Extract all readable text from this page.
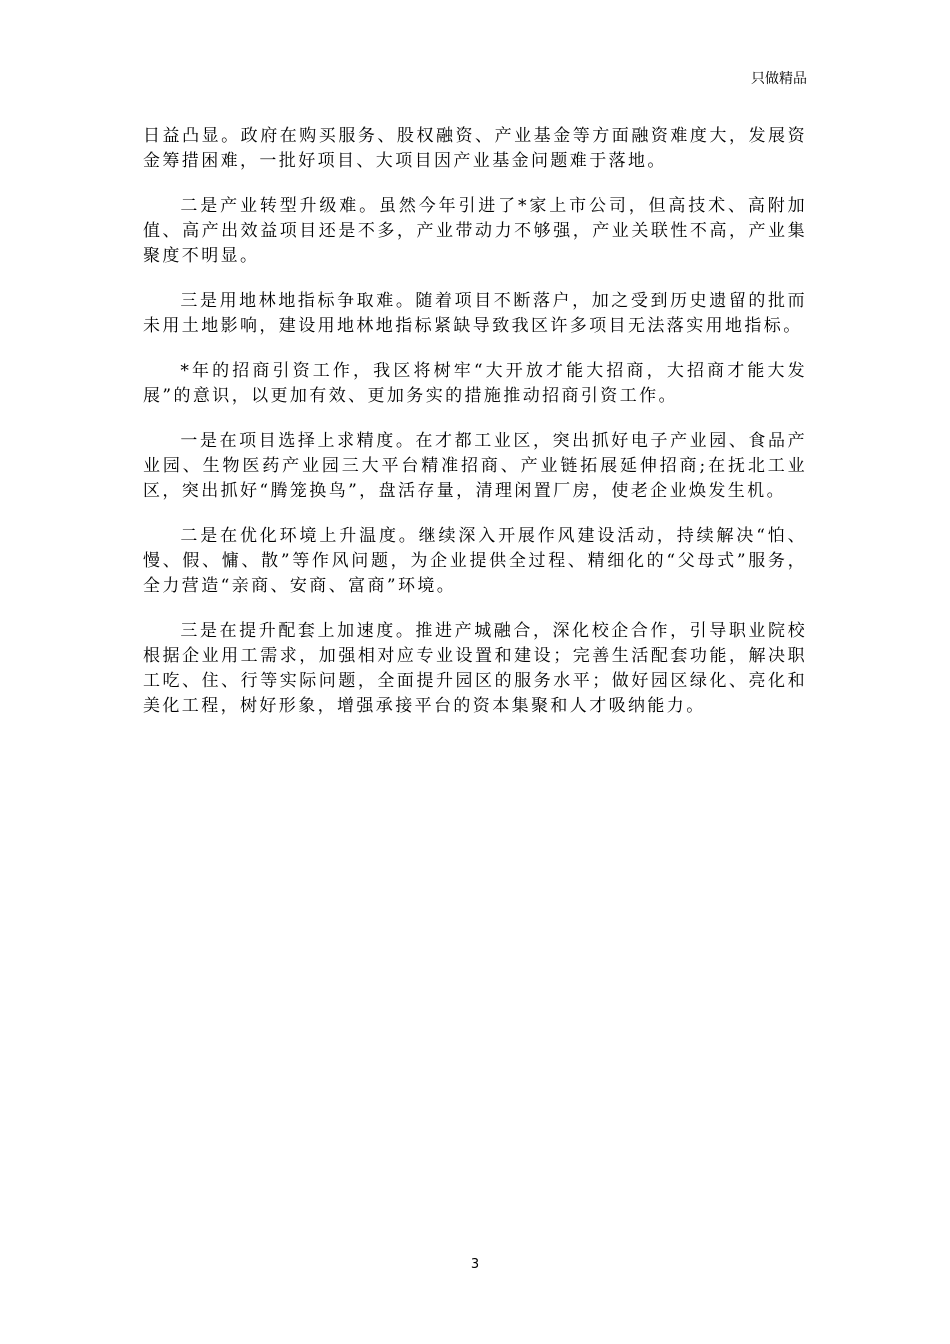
只做精品

日益凸显。政府在购买服务、股权融资、产业基金等方面融资难度大，发展资金筹措困难，一批好项目、大项目因产业基金问题难于落地。

二是产业转型升级难。虽然今年引进了*家上市公司，但高技术、高附加值、高产出效益项目还是不多，产业带动力不够强，产业关联性不高，产业集聚度不明显。

三是用地林地指标争取难。随着项目不断落户，加之受到历史遗留的批而未用土地影响，建设用地林地指标紧缺导致我区许多项目无法落实用地指标。

*年的招商引资工作，我区将树牢“大开放才能大招商，大招商才能大发展”的意识，以更加有效、更加务实的措施推动招商引资工作。

一是在项目选择上求精度。在才都工业区，突出抓好电子产业园、食品产业园、生物医药产业园三大平台精准招商、产业链拓展延伸招商;在抚北工业区，突出抓好“腾笼换鸟”，盘活存量，清理闲置厂房，使老企业焕发生机。

二是在优化环境上升温度。继续深入开展作风建设活动，持续解决“怕、慢、假、慵、散”等作风问题，为企业提供全过程、精细化的“父母式”服务，全力营造“亲商、安商、富商”环境。

三是在提升配套上加速度。推进产城融合，深化校企合作，引导职业院校根据企业用工需求，加强相对应专业设置和建设；完善生活配套功能，解决职工吃、住、行等实际问题，全面提升园区的服务水平；做好园区绿化、亮化和美化工程，树好形象，增强承接平台的资本集聚和人才吸纳能力。

3
